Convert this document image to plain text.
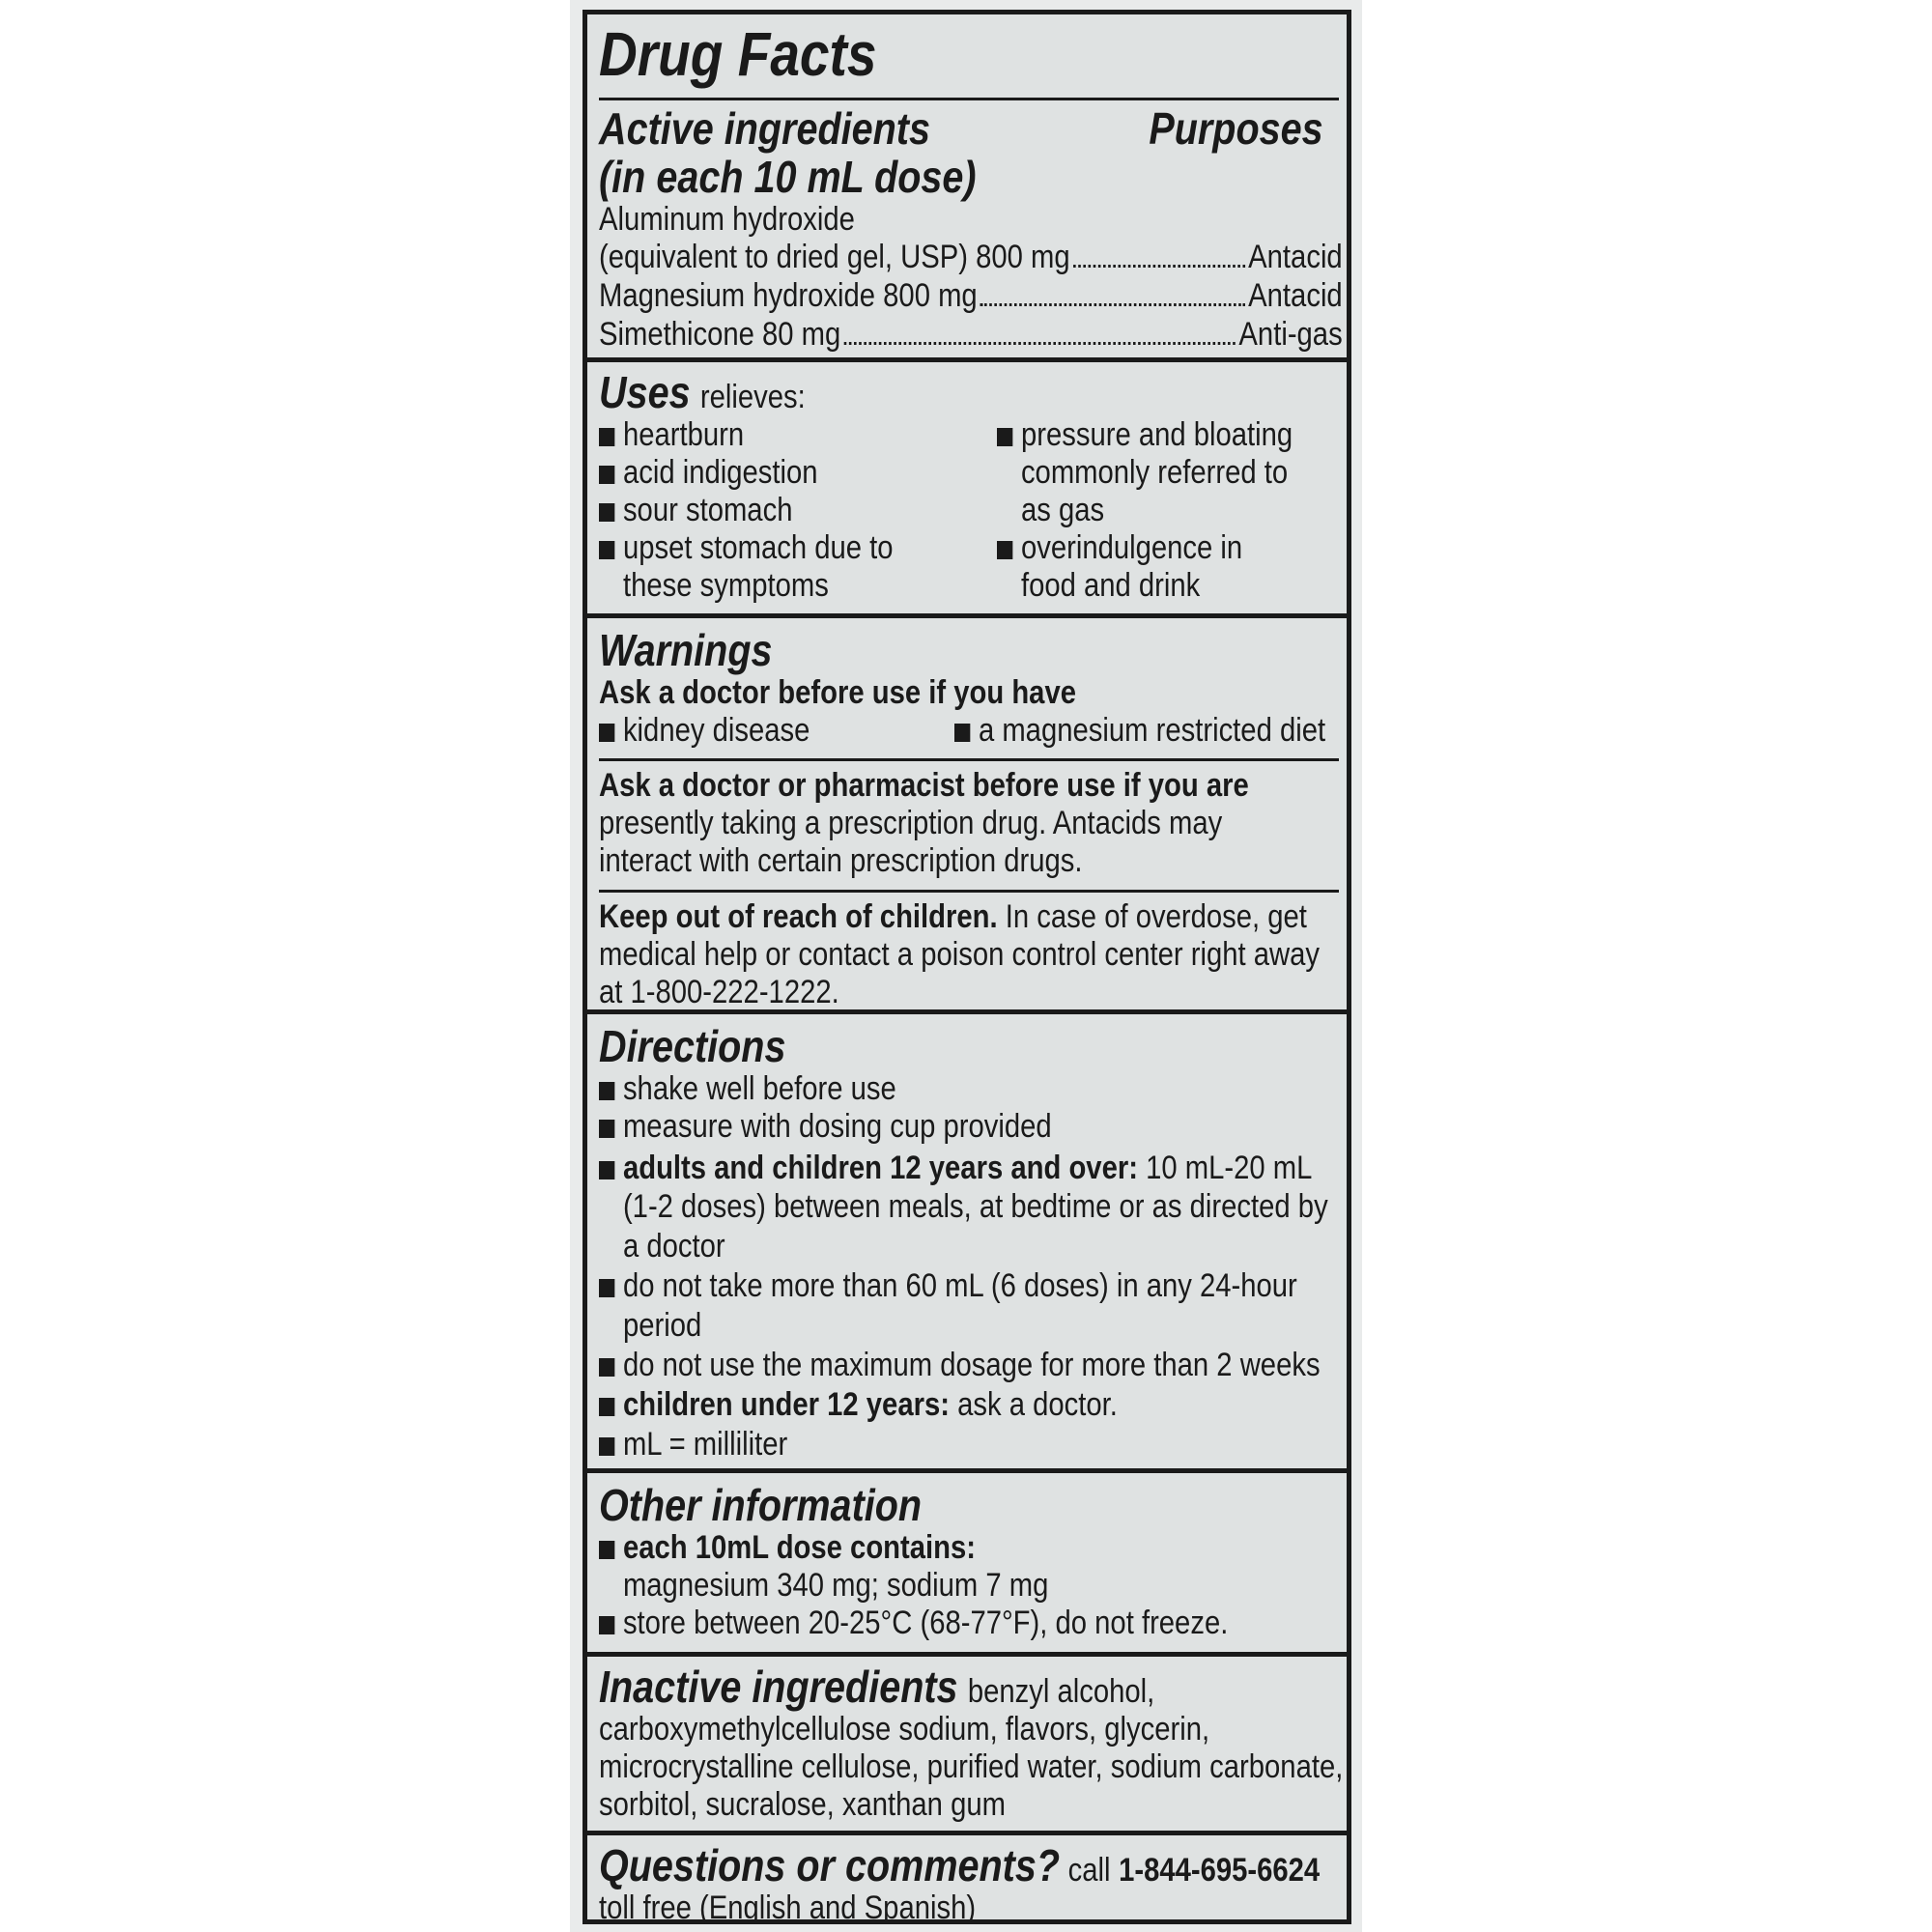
Drug Facts
Active ingredients
(in each 10 mL dose)
Purposes
Aluminum hydroxide
(equivalent to dried gel, USP) 800 mg	Antacid
Magnesium hydroxide 800 mg	Antacid
Simethicone 80 mg	Anti-gas
Uses relieves:
heartburn
acid indigestion
sour stomach
upset stomach due to
these symptoms
pressure and bloating
commonly referred to
as gas
overindulgence in
food and drink
Warnings
Ask a doctor before use if you have
kidney disease	a magnesium restricted diet
Ask a doctor or pharmacist before use if you are
presently taking a prescription drug. Antacids may
interact with certain prescription drugs.
Keep out of reach of children. In case of overdose, get
medical help or contact a poison control center right away
at 1-800-222-1222.
Directions
shake well before use
measure with dosing cup provided
adults and children 12 years and over: 10 mL-20 mL
(1-2 doses) between meals, at bedtime or as directed by
a doctor
do not take more than 60 mL (6 doses) in any 24-hour
period
do not use the maximum dosage for more than 2 weeks
children under 12 years: ask a doctor.
mL = milliliter
Other information
each 10mL dose contains:
magnesium 340 mg; sodium 7 mg
store between 20-25°C (68-77°F), do not freeze.
Inactive ingredients benzyl alcohol,
carboxymethylcellulose sodium, flavors, glycerin,
microcrystalline cellulose, purified water, sodium carbonate,
sorbitol, sucralose, xanthan gum
Questions or comments? call 1-844-695-6624
toll free (English and Spanish)
